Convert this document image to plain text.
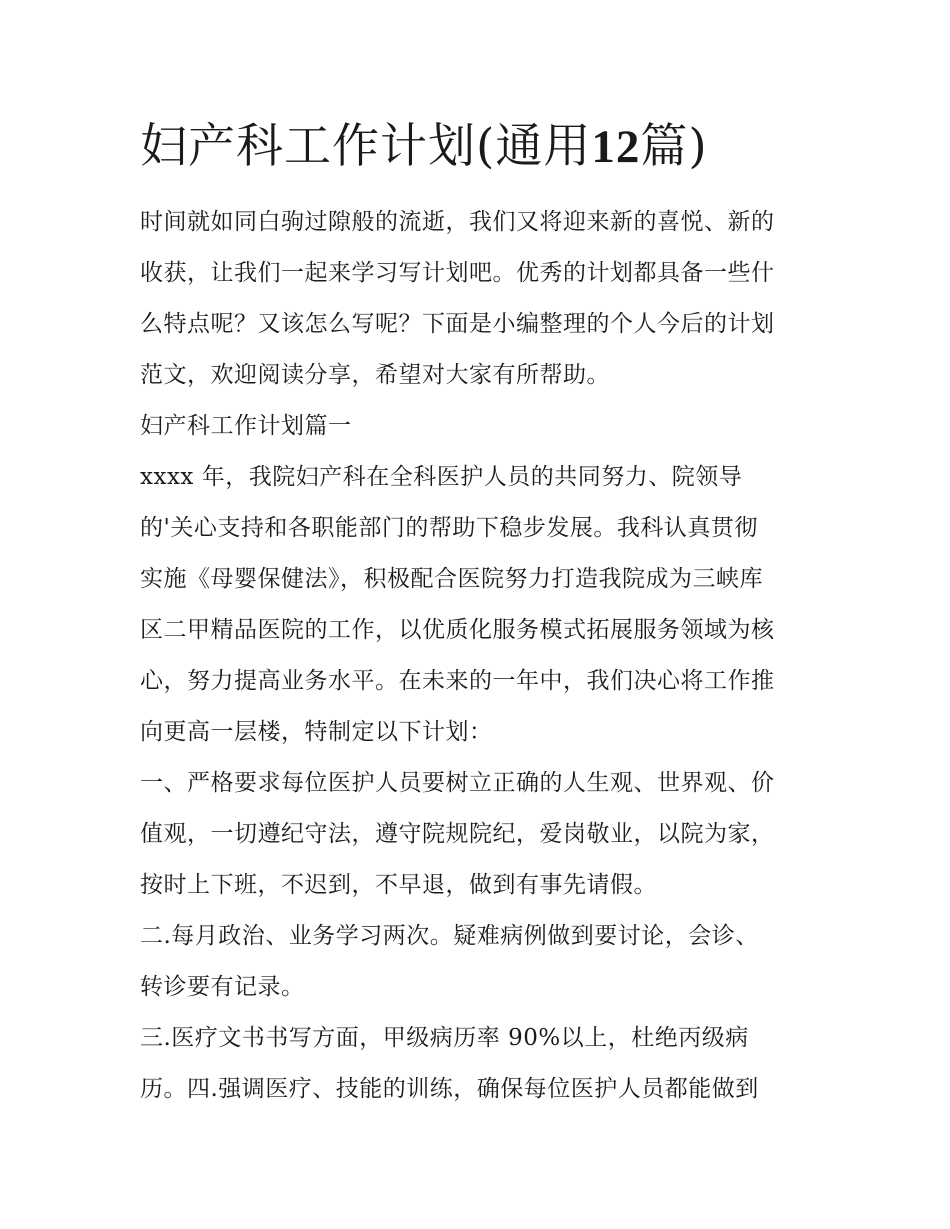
妇产科工作计划(通用12篇)

时间就如同白驹过隙般的流逝，我们又将迎来新的喜悦、新的

收获，让我们一起来学习写计划吧。优秀的计划都具备一些什

么特点呢？又该怎么写呢？下面是小编整理的个人今后的计划

范文，欢迎阅读分享，希望对大家有所帮助。

妇产科工作计划篇一

xxxx 年，我院妇产科在全科医护人员的共同努力、院领导

的'关心支持和各职能部门的帮助下稳步发展。我科认真贯彻

实施《母婴保健法》，积极配合医院努力打造我院成为三峡库

区二甲精品医院的工作，以优质化服务模式拓展服务领域为核

心，努力提高业务水平。在未来的一年中，我们决心将工作推

向更高一层楼，特制定以下计划：

一、严格要求每位医护人员要树立正确的人生观、世界观、价

值观，一切遵纪守法，遵守院规院纪，爱岗敬业，以院为家，

按时上下班，不迟到，不早退，做到有事先请假。

二.每月政治、业务学习两次。疑难病例做到要讨论，会诊、

转诊要有记录。

三.医疗文书书写方面，甲级病历率 90%以上，杜绝丙级病

历。四.强调医疗、技能的训练，确保每位医护人员都能做到
